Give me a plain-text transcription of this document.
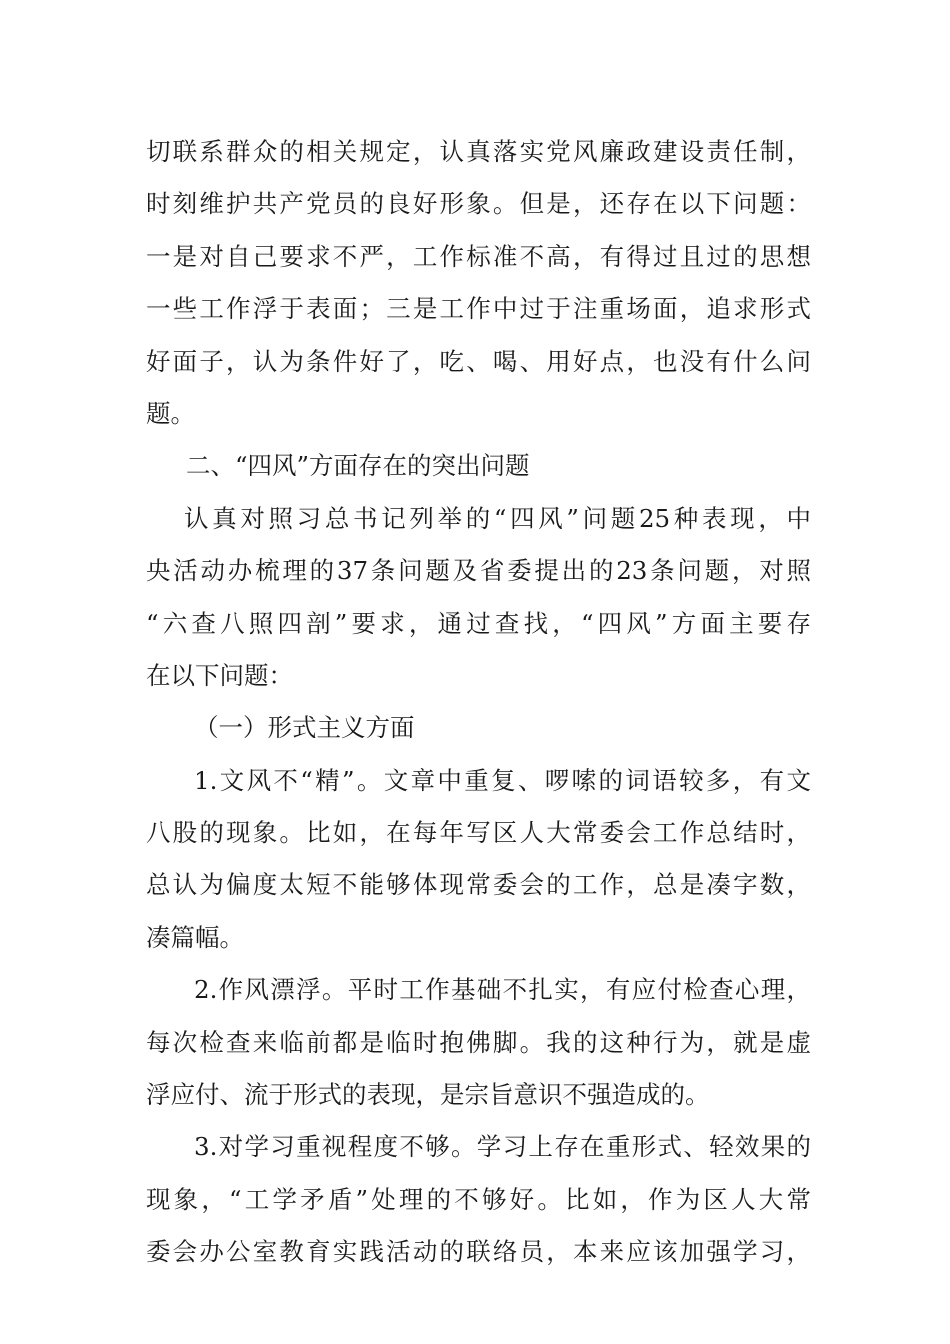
切联系群众的相关规定，认真落实党风廉政建设责任制，
时刻维护共产党员的良好形象。但是，还存在以下问题：
一是对自己要求不严，工作标准不高，有得过且过的思想
一些工作浮于表面；三是工作中过于注重场面，追求形式
好面子，认为条件好了，吃、喝、用好点，也没有什么问
题。
二、“四风”方面存在的突出问题
认真对照习总书记列举的“四风”问题25种表现，中
央活动办梳理的37条问题及省委提出的23条问题，对照
“六查八照四剖”要求，通过查找，“四风”方面主要存
在以下问题：
（一）形式主义方面
1.文风不“精”。文章中重复、啰嗦的词语较多，有文
八股的现象。比如，在每年写区人大常委会工作总结时，
总认为偏度太短不能够体现常委会的工作，总是凑字数，
凑篇幅。
2.作风漂浮。平时工作基础不扎实，有应付检查心理，
每次检查来临前都是临时抱佛脚。我的这种行为，就是虚
浮应付、流于形式的表现，是宗旨意识不强造成的。
3.对学习重视程度不够。学习上存在重形式、轻效果的
现象，“工学矛盾”处理的不够好。比如，作为区人大常
委会办公室教育实践活动的联络员，本来应该加强学习，
